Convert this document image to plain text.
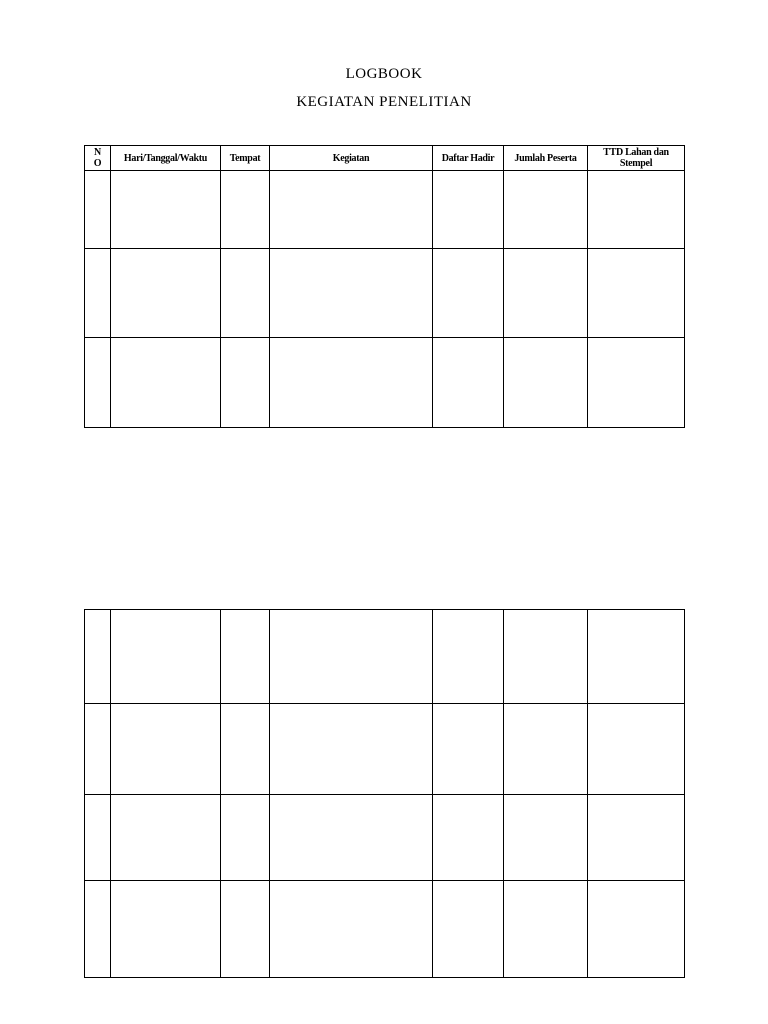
LOGBOOK
KEGIATAN PENELITIAN
N
O	Hari/Tanggal/Waktu	Tempat	Kegiatan	Daftar Hadir	Jumlah Peserta	TTD Lahan dan Stempel
